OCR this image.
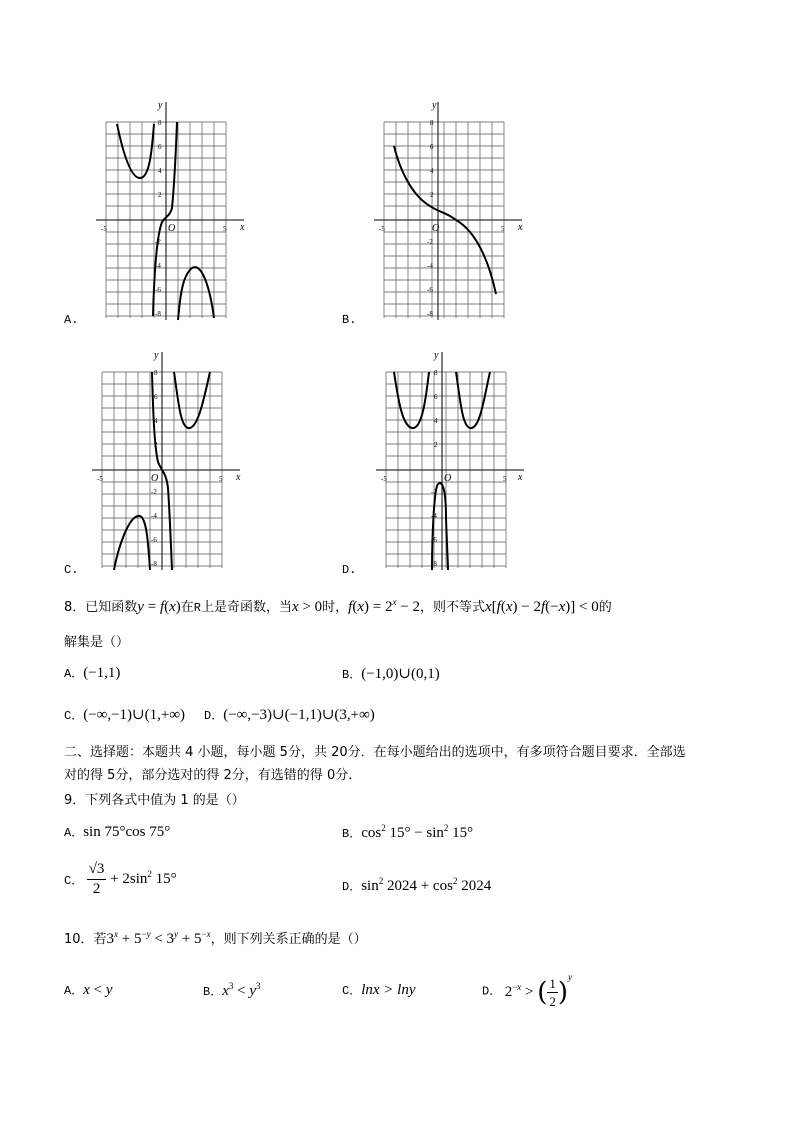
y
x
O
8
6
4
2
-2
-4
-6
-8
-5	5
A.
y
x
O
8
6
4
2
-2
-4
-6
-8
-5	5
B.
y
x
O
8
6
4
2
-2
-4
-6
-8
-5	5
C.
y
x
O
8
6
4
2
-2
-4
-6
-8
-5	5
D.
8．已知函数y = f(x)在R上是奇函数，当x > 0时，$f(x) = 2^x - 2$，则不等式x[f(x) − 2f(−x)] < 0的
解集是（）
A．(−1,1)	B．(−1,0)∪(0,1)
C．(−∞,−1)∪(1,+∞) D．(−∞,−3)∪(−1,1)∪(3,+∞)
二、选择题：本题共 4 小题，每小题 5分，共 20分．在每小题给出的选项中，有多项符合题目要求．全部选
对的得 5分，部分选对的得 2分，有选错的得 0分．
9．下列各式中值为 1 的是（）
A．sin 75°cos 75°	B．$\cos^2 15^\circ - \sin^2 15^\circ$
C． $\frac{√3}{2} + 2\sin^2$ 15°
D．$\sin^2 2024 + \cos^2 2024$
10．若$3^x + 5^{-y} < 3^y + 5^{-x}$，则下列关系正确的是（）
A．x < y	B．$x^3 < y^3$	C．lnx > lny	D． $2^{-x}$ > ( $\frac{1}{2} )^y$
